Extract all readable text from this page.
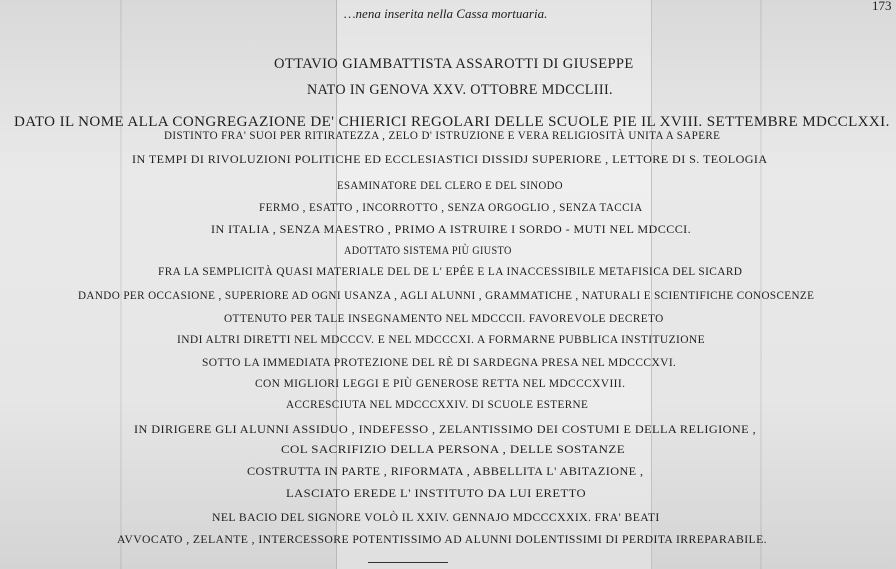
…nena inserita nella Cassa mortuaria.
173
OTTAVIO GIAMBATTISTA ASSAROTTI DI GIUSEPPE
NATO IN GENOVA XXV. OTTOBRE MDCCLIII.
DATO IL NOME ALLA CONGREGAZIONE DE' CHIERICI REGOLARI DELLE SCUOLE PIE IL XVIII. SETTEMBRE MDCCLXXI.
DISTINTO FRA' SUOI PER RITIRATEZZA , ZELO D' ISTRUZIONE E VERA RELIGIOSITÀ UNITA A SAPERE
IN TEMPI DI RIVOLUZIONI POLITICHE ED ECCLESIASTICI DISSIDJ SUPERIORE , LETTORE DI S. TEOLOGIA
ESAMINATORE DEL CLERO E DEL SINODO
FERMO , ESATTO , INCORROTTO , SENZA ORGOGLIO , SENZA TACCIA
IN ITALIA , SENZA MAESTRO , PRIMO A ISTRUIRE I SORDO - MUTI NEL MDCCCI.
ADOTTATO SISTEMA PIÙ GIUSTO
FRA LA SEMPLICITÀ QUASI MATERIALE DEL DE L' EPÉE E LA INACCESSIBILE METAFISICA DEL SICARD
DANDO PER OCCASIONE , SUPERIORE AD OGNI USANZA , AGLI ALUNNI , GRAMMATICHE , NATURALI E SCIENTIFICHE CONOSCENZE
OTTENUTO PER TALE INSEGNAMENTO NEL MDCCCII. FAVOREVOLE DECRETO
INDI ALTRI DIRETTI NEL MDCCCV. E NEL MDCCCXI. A FORMARNE PUBBLICA INSTITUZIONE
SOTTO LA IMMEDIATA PROTEZIONE DEL RÈ DI SARDEGNA PRESA NEL MDCCCXVI.
CON MIGLIORI LEGGI E PIÙ GENEROSE RETTA NEL MDCCCXVIII.
ACCRESCIUTA NEL MDCCCXXIV. DI SCUOLE ESTERNE
IN DIRIGERE GLI ALUNNI ASSIDUO , INDEFESSO , ZELANTISSIMO DEI COSTUMI E DELLA RELIGIONE ,
COL SACRIFIZIO DELLA PERSONA , DELLE SOSTANZE
COSTRUTTA IN PARTE , RIFORMATA , ABBELLITA L' ABITAZIONE ,
LASCIATO EREDE L' INSTITUTO DA LUI ERETTO
NEL BACIO DEL SIGNORE VOLÒ IL XXIV. GENNAJO MDCCCXXIX. FRA' BEATI
AVVOCATO , ZELANTE , INTERCESSORE POTENTISSIMO AD ALUNNI DOLENTISSIMI DI PERDITA IRREPARABILE.
